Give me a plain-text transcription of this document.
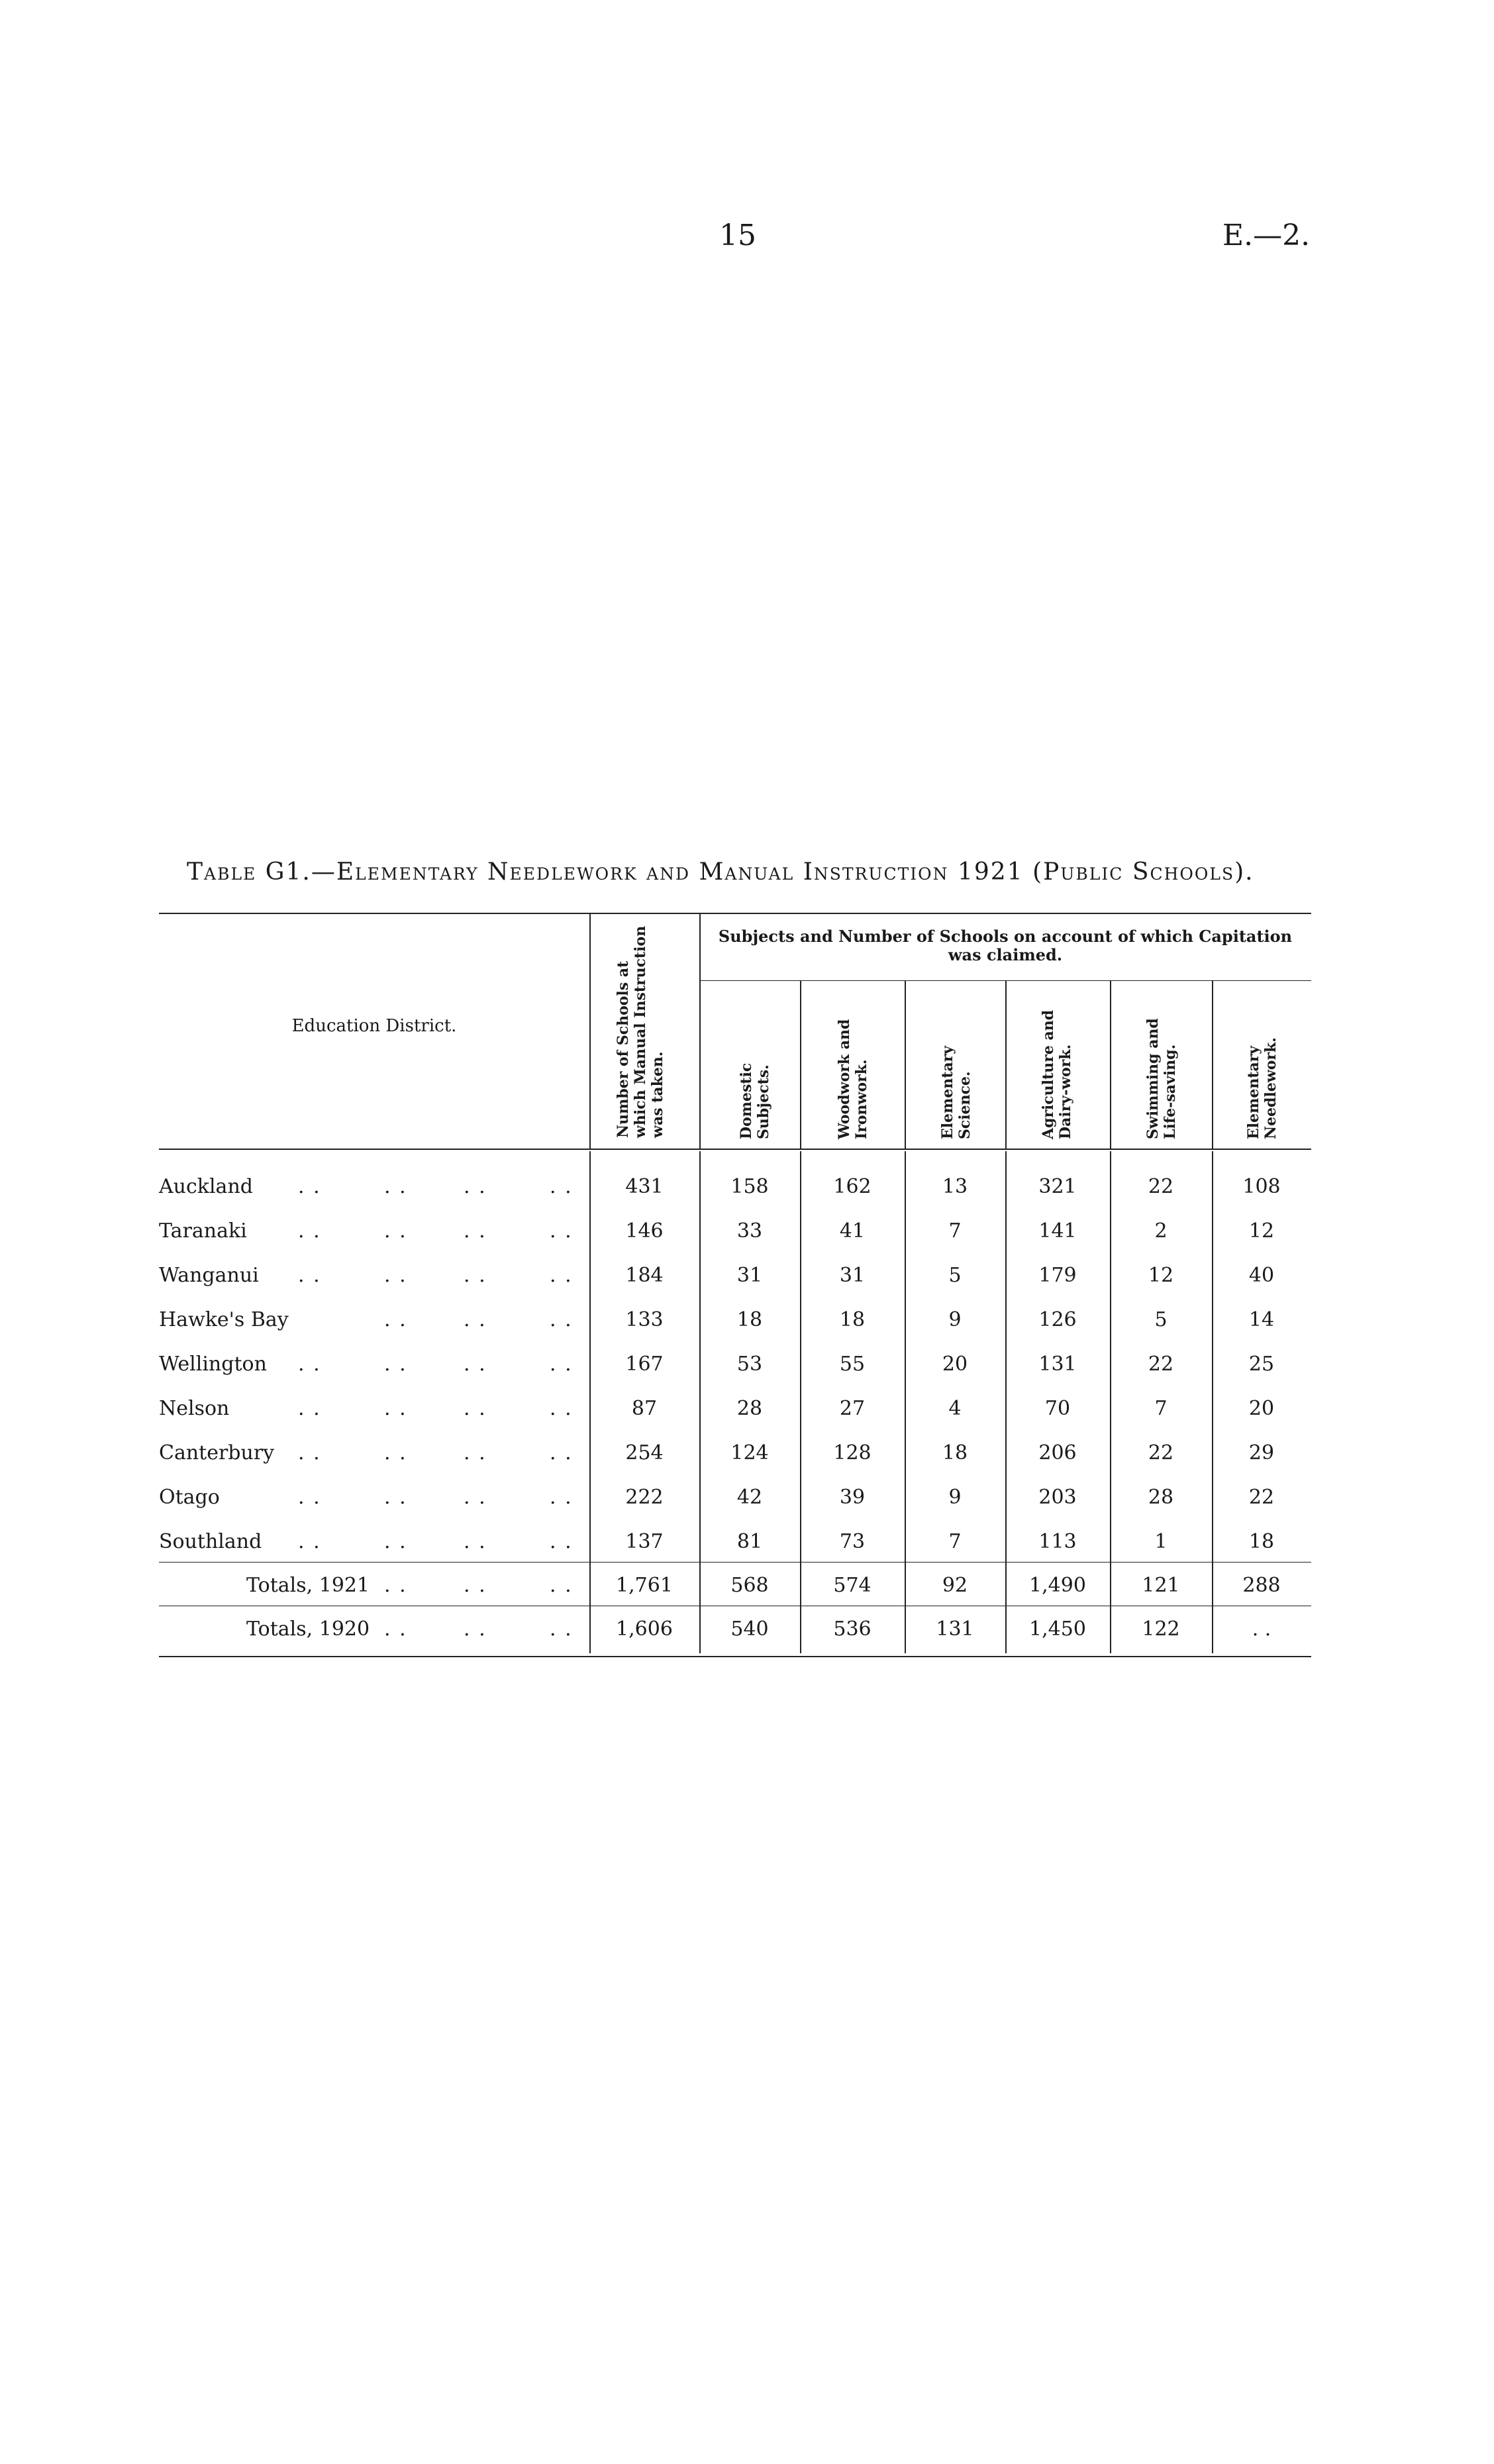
15	E.—2.
Table G1.—Elementary Needlework and Manual Instruction 1921 (Public Schools).
Education District.	Number of Schools at which Manual Instruction was taken.
Subjects and Number of Schools on account of which Capitation was claimed.
Domestic Subjects.	Woodwork and Ironwork.	Elementary Science.	Agriculture and Dairy-work.	Swimming and Life-saving.	Elementary Needlework.
Auckland . .	. .	. .	. .	431	158	162	13	321	22	108
Taranaki	. .	. .	. .	. .	146	33	41	7	141	2	12
Wanganui . .	. .	. .	. .	184	31	31	5	179	12	40
Hawke's Bay	. .	. .	. .	133	18	18	9	126	5	14
Wellington . .	. .	. .	. .	167	53	55	20	131	22	25
Nelson	. .	. .	. .	. .	87	28	27	4	70	7	20
Canterbury . .	. .	. .	. .	254	124	128	18	206	22	29
Otago	. .	. .	. .	. .	222	42	39	9	203	28	22
Southland . .	. .	. .	. .	137	81	73	7	113	1	18
Totals, 1921 . .	. .	. .	1,761	568	574	92	1,490	121	288
Totals, 1920 . .	. .	. .	1,606	540	536	131	1,450	122	. .
